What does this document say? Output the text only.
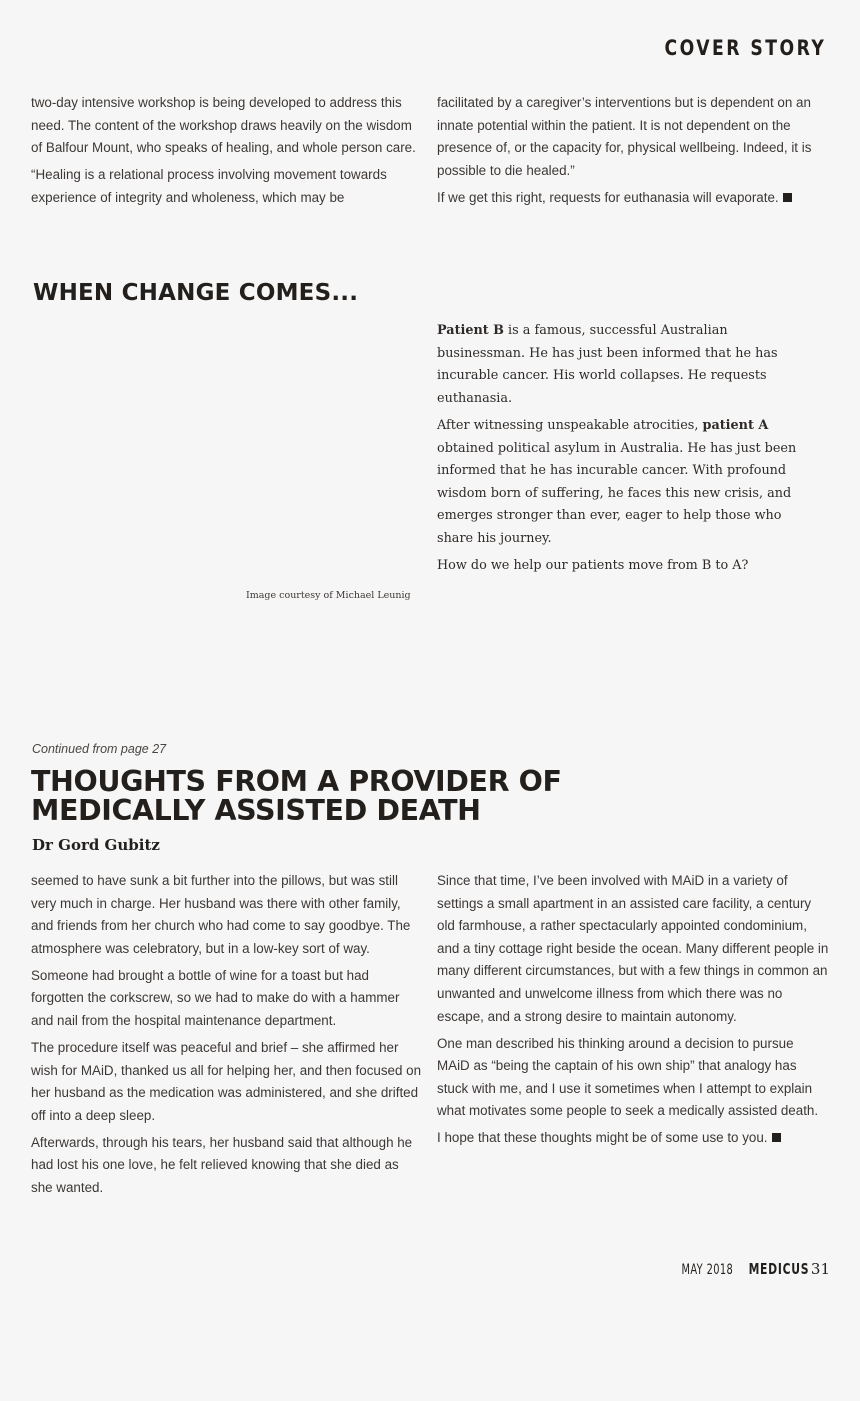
COVER STORY

two-day intensive workshop is being developed to address this need. The content of the workshop draws heavily on the wisdom of Balfour Mount, who speaks of healing, and whole person care.

“Healing is a relational process involving movement towards experience of integrity and wholeness, which may be

facilitated by a caregiver’s interventions but is dependent on an innate potential within the patient. It is not dependent on the presence of, or the capacity for, physical wellbeing. Indeed, it is possible to die healed.”

If we get this right, requests for euthanasia will evaporate.

WHEN CHANGE COMES...

Patient B is a famous, successful Australian businessman. He has just been informed that he has incurable cancer. His world collapses. He requests euthanasia.

After witnessing unspeakable atrocities, patient A obtained political asylum in Australia. He has just been informed that he has incurable cancer. With profound wisdom born of suffering, he faces this new crisis, and emerges stronger than ever, eager to help those who share his journey.

How do we help our patients move from B to A?

Image courtesy of Michael Leunig
Continued from page 27
THOUGHTS FROM A PROVIDER OF
MEDICALLY ASSISTED DEATH
Dr Gord Gubitz

seemed to have sunk a bit further into the pillows, but was still very much in charge. Her husband was there with other family, and friends from her church who had come to say goodbye. The atmosphere was celebratory, but in a low-key sort of way.

Someone had brought a bottle of wine for a toast but had forgotten the corkscrew, so we had to make do with a hammer and nail from the hospital maintenance department.

The procedure itself was peaceful and brief – she affirmed her wish for MAiD, thanked us all for helping her, and then focused on her husband as the medication was administered, and she drifted off into a deep sleep.

Afterwards, through his tears, her husband said that although he had lost his one love, he felt relieved knowing that she died as she wanted.

Since that time, I’ve been involved with MAiD in a variety of settings a small apartment in an assisted care facility, a century old farmhouse, a rather spectacularly appointed condominium, and a tiny cottage right beside the ocean. Many different people in many different circumstances, but with a few things in common an unwanted and unwelcome illness from which there was no escape, and a strong desire to maintain autonomy.

One man described his thinking around a decision to pursue MAiD as “being the captain of his own ship” that analogy has stuck with me, and I use it sometimes when I attempt to explain what motivates some people to seek a medically assisted death.

I hope that these thoughts might be of some use to you.

MAY 2018 MEDICUS 31
